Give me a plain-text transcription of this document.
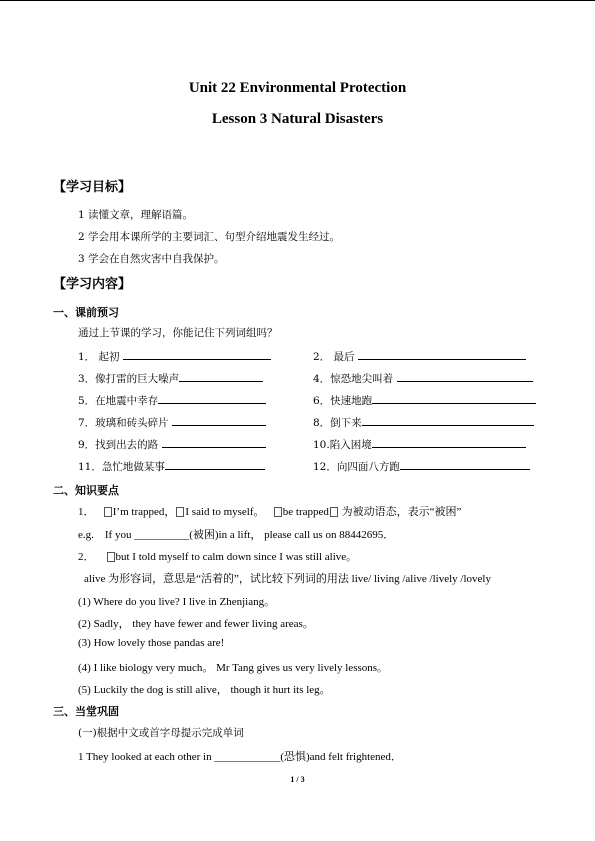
Unit 22 Environmental Protection
Lesson 3 Natural Disasters
【学习目标】
1 读懂文章，理解语篇。
2 学会用本课所学的主要词汇、句型介绍地震发生经过。
3 学会在自然灾害中自我保护。
【学习内容】
一、课前预习
通过上节课的学习，你能记住下列词组吗？
1． 起初	2． 最后
3．像打雷的巨大噪声	4．惊恐地尖叫着
5．在地震中幸存	6．快速地跑
7．玻璃和砖头碎片	8．倒下来
9．找到出去的路	10.陷入困境
11．急忙地做某事	12．向四面八方跑
二、知识要点
1． I’m trapped， I said to myself。 be trapped 为被动语态，表示“被困”
e.g. If you __________(被困)in a lift， please call us on 88442695．
2． but I told myself to calm down since I was still alive。
alive 为形容词，意思是“活着的”，试比较下列词的用法 live/ living /alive /lively /lovely
(1) Where do you live? I live in Zhenjiang。
(2) Sadly， they have fewer and fewer living areas。
(3) How lovely those pandas are!
(4) I like biology very much。 Mr Tang gives us very lively lessons。
(5) Luckily the dog is still alive， though it hurt its leg。
三、当堂巩固
(一)根据中文或首字母提示完成单词
1 They looked at each other in ____________(恐惧)and felt frightened．
1 / 3
